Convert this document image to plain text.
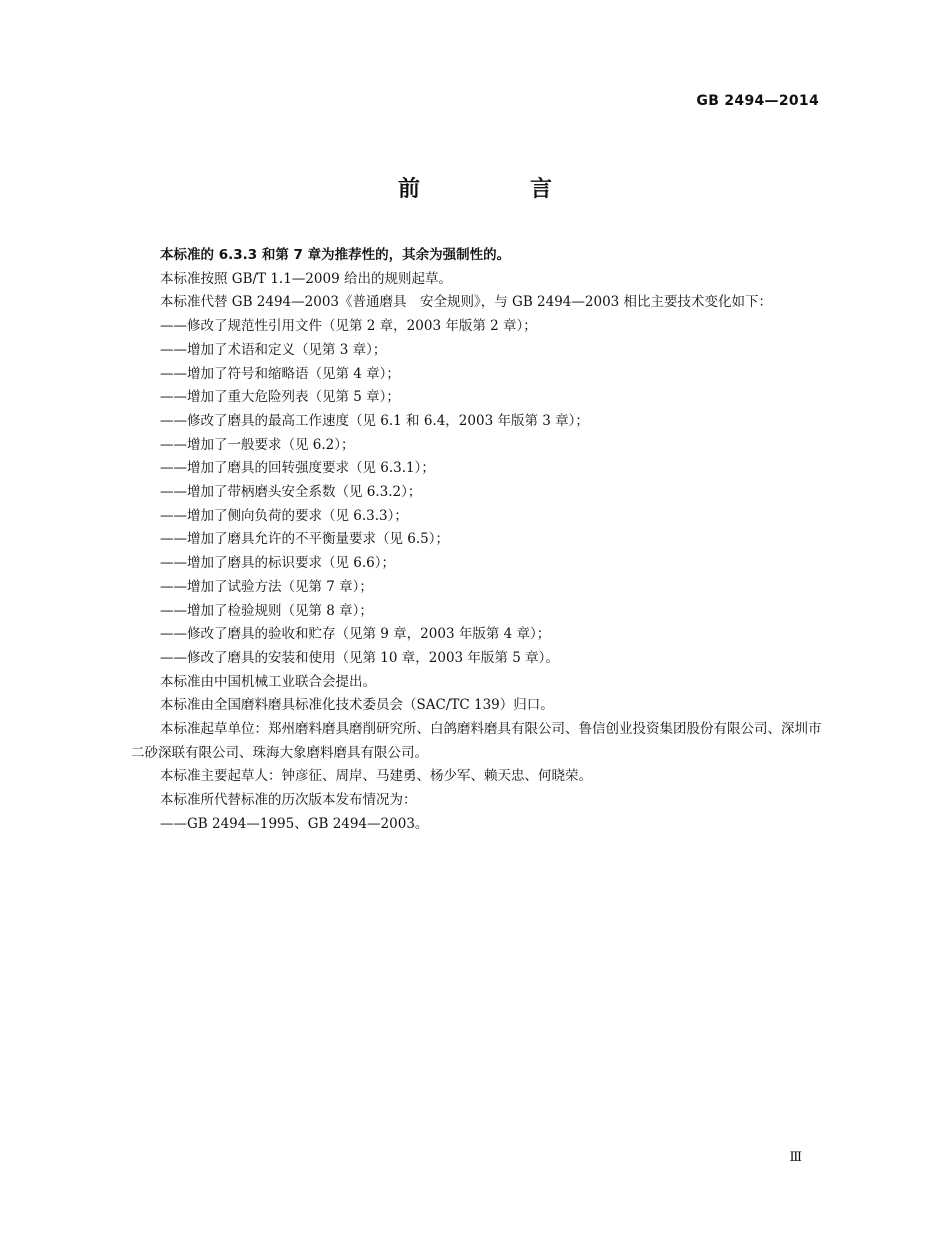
GB 2494—2014
前　言

本标准的 6.3.3 和第 7 章为推荐性的，其余为强制性的。

本标准按照 GB/T 1.1—2009 给出的规则起草。

本标准代替 GB 2494—2003《普通磨具　安全规则》，与 GB 2494—2003 相比主要技术变化如下：

——修改了规范性引用文件（见第 2 章，2003 年版第 2 章）；

——增加了术语和定义（见第 3 章）；

——增加了符号和缩略语（见第 4 章）；

——增加了重大危险列表（见第 5 章）；

——修改了磨具的最高工作速度（见 6.1 和 6.4，2003 年版第 3 章）；

——增加了一般要求（见 6.2）；

——增加了磨具的回转强度要求（见 6.3.1）；

——增加了带柄磨头安全系数（见 6.3.2）；

——增加了侧向负荷的要求（见 6.3.3）；

——增加了磨具允许的不平衡量要求（见 6.5）；

——增加了磨具的标识要求（见 6.6）；

——增加了试验方法（见第 7 章）；

——增加了检验规则（见第 8 章）；

——修改了磨具的验收和贮存（见第 9 章，2003 年版第 4 章）；

——修改了磨具的安装和使用（见第 10 章，2003 年版第 5 章）。

本标准由中国机械工业联合会提出。

本标准由全国磨料磨具标准化技术委员会（SAC/TC 139）归口。

本标准起草单位：郑州磨料磨具磨削研究所、白鸽磨料磨具有限公司、鲁信创业投资集团股份有限公司、深圳市二砂深联有限公司、珠海大象磨料磨具有限公司。

本标准主要起草人：钟彦征、周岸、马建勇、杨少军、赖天忠、何晓荣。

本标准所代替标准的历次版本发布情况为：

——GB 2494—1995、GB 2494—2003。

Ⅲ
